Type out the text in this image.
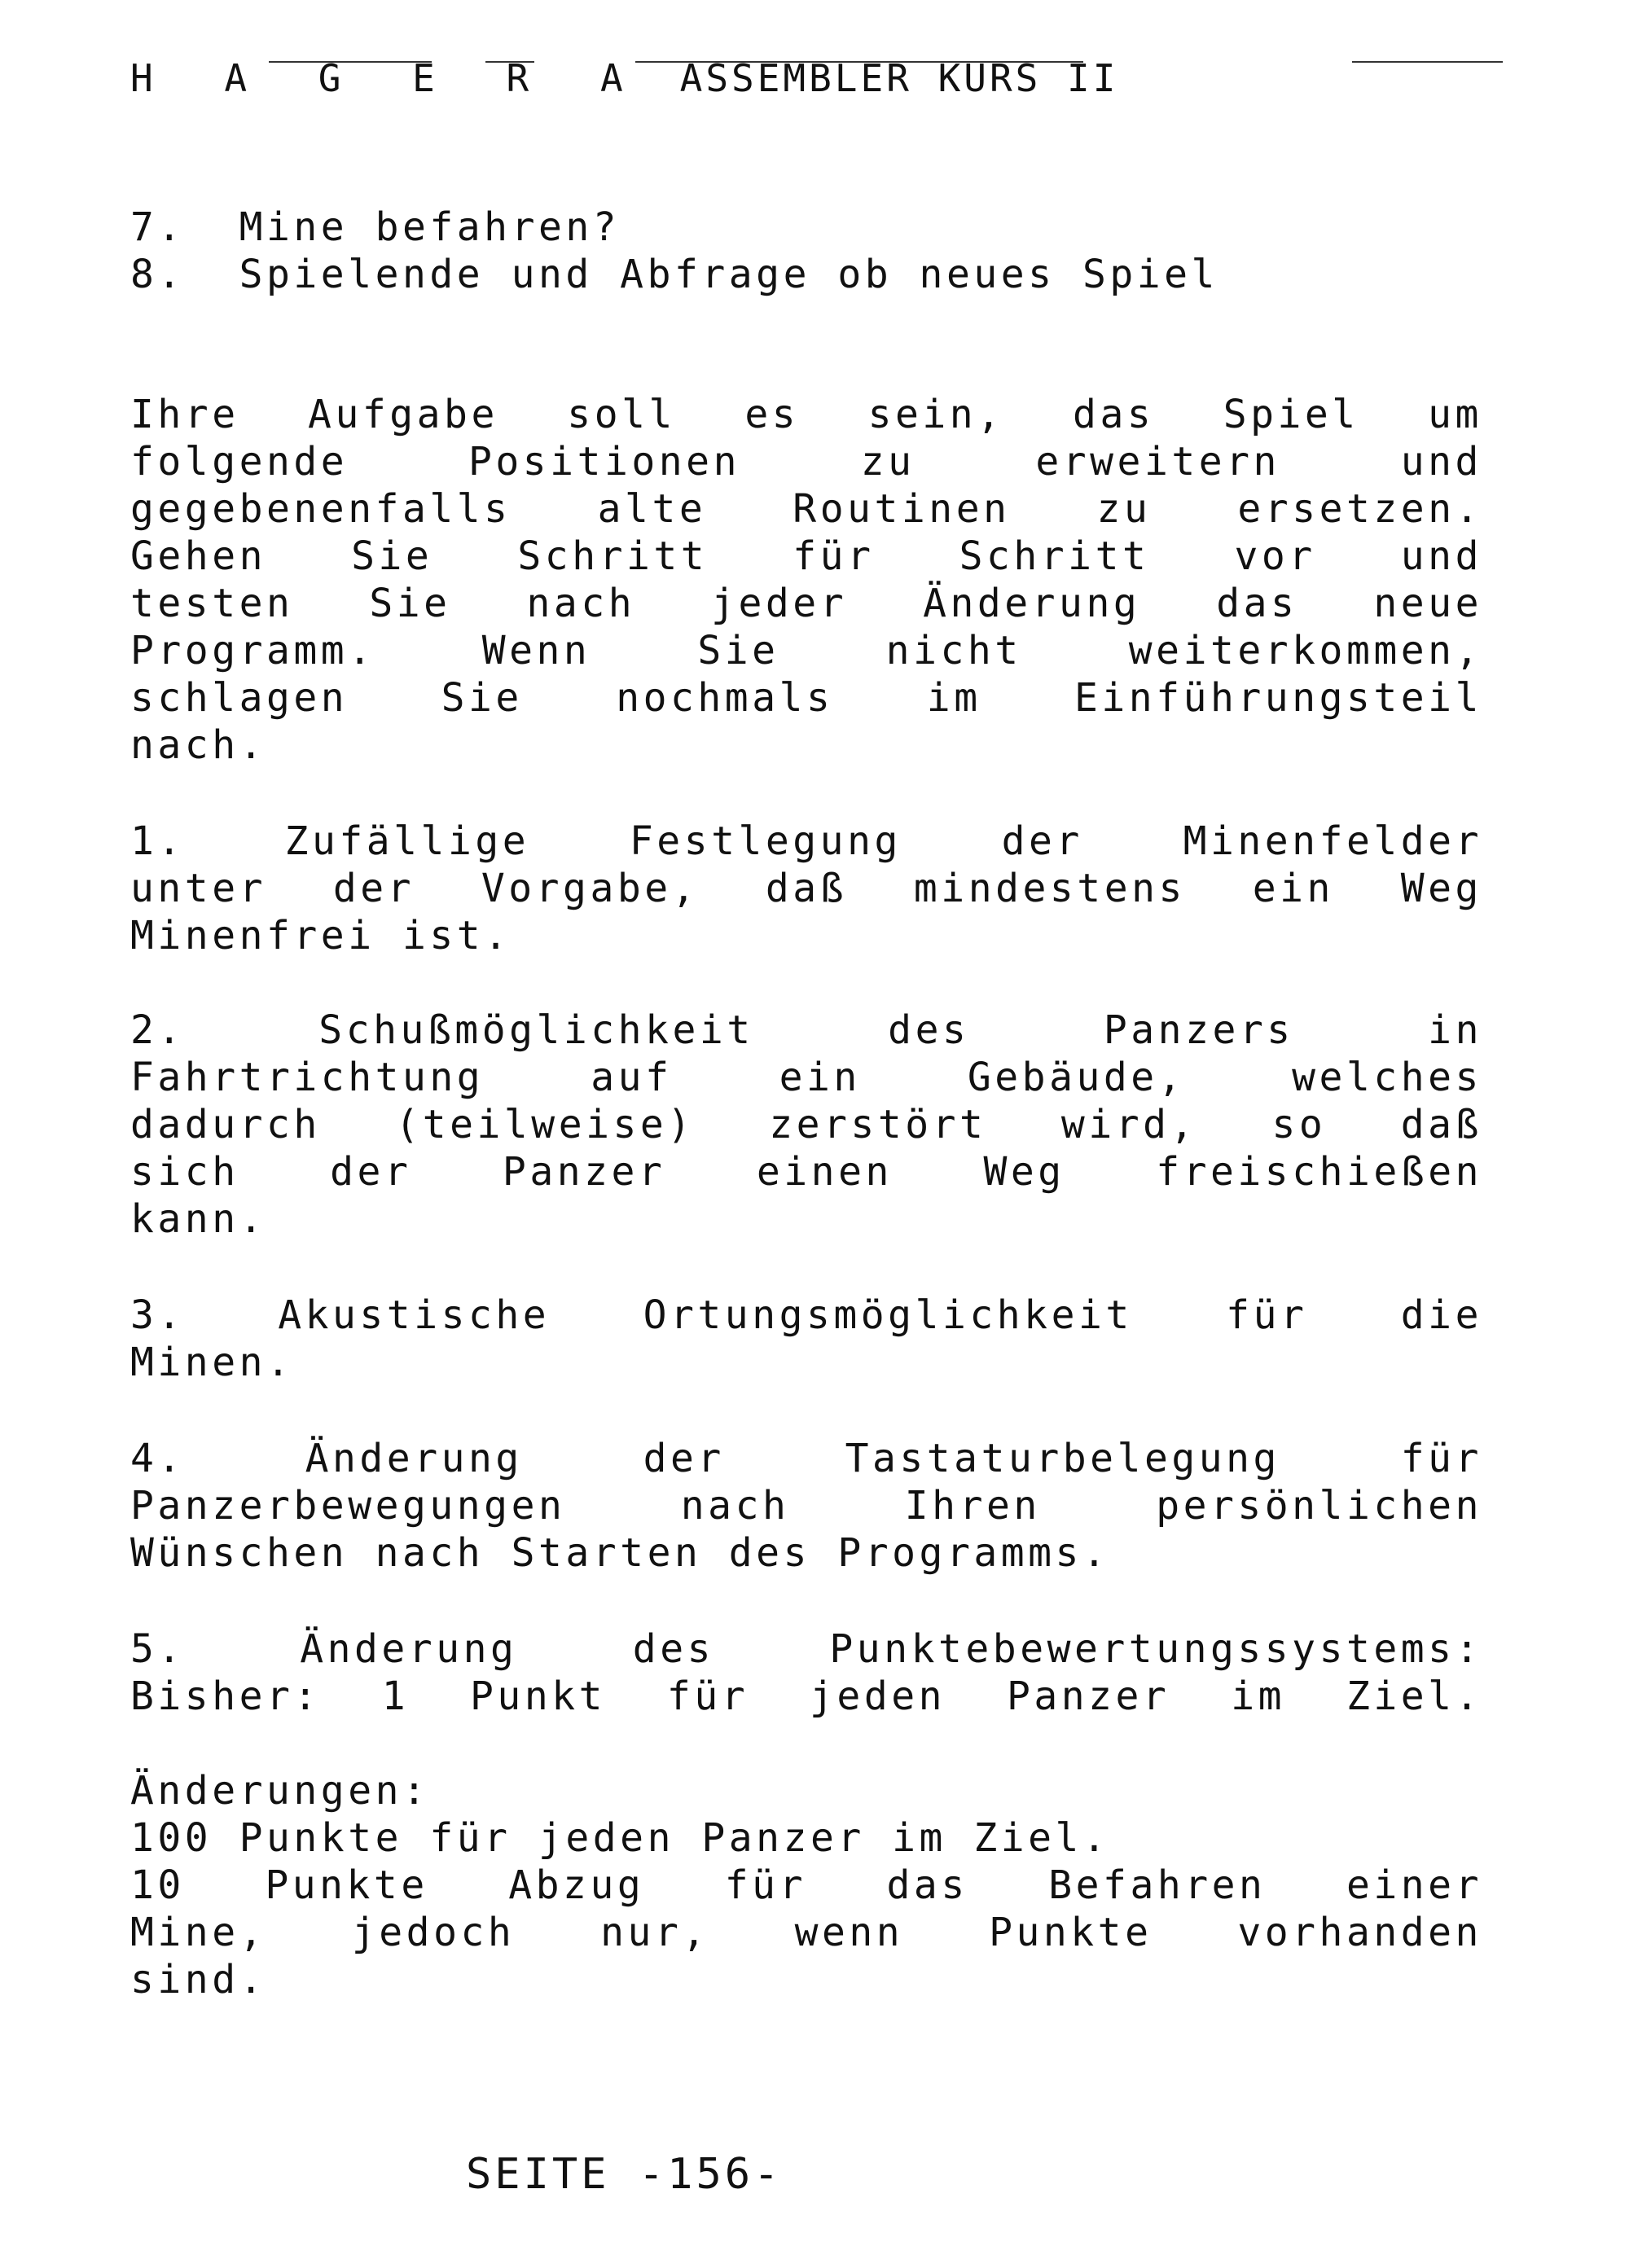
H A G E R A ASSEMBLER KURS II
7.  Mine befahren?
8.  Spielende und Abfrage ob neues Spiel
Ihre Aufgabe soll es sein, das Spiel um
folgende	Positionen	zu	erweitern	und
gegebenenfalls alte Routinen zu ersetzen.
Gehen Sie Schritt für Schritt vor und
testen Sie nach jeder Änderung das neue
Programm.	Wenn	Sie	nicht	weiterkommen,
schlagen Sie nochmals im Einführungsteil
nach.
1.	Zufällige	Festlegung	der	Minenfelder
unter der Vorgabe, daß mindestens ein Weg
Minenfrei ist.
2.	Schußmöglichkeit	des	Panzers	in
Fahrtrichtung	auf	ein	Gebäude,	welches
dadurch (teilweise) zerstört wird, so daß
sich der Panzer einen Weg freischießen
kann.
3. Akustische Ortungsmöglichkeit für die
Minen.
4.	Änderung	der	Tastaturbelegung	für
Panzerbewegungen	nach	Ihren	persönlichen
Wünschen nach Starten des Programms.
5.	Änderung	des	Punktebewertungssystems:
Bisher: 1 Punkt für jeden Panzer im Ziel.
Änderungen:
100 Punkte für jeden Panzer im Ziel.
10 Punkte Abzug für das Befahren einer
Mine, jedoch nur, wenn Punkte vorhanden
sind.
SEITE -156-
